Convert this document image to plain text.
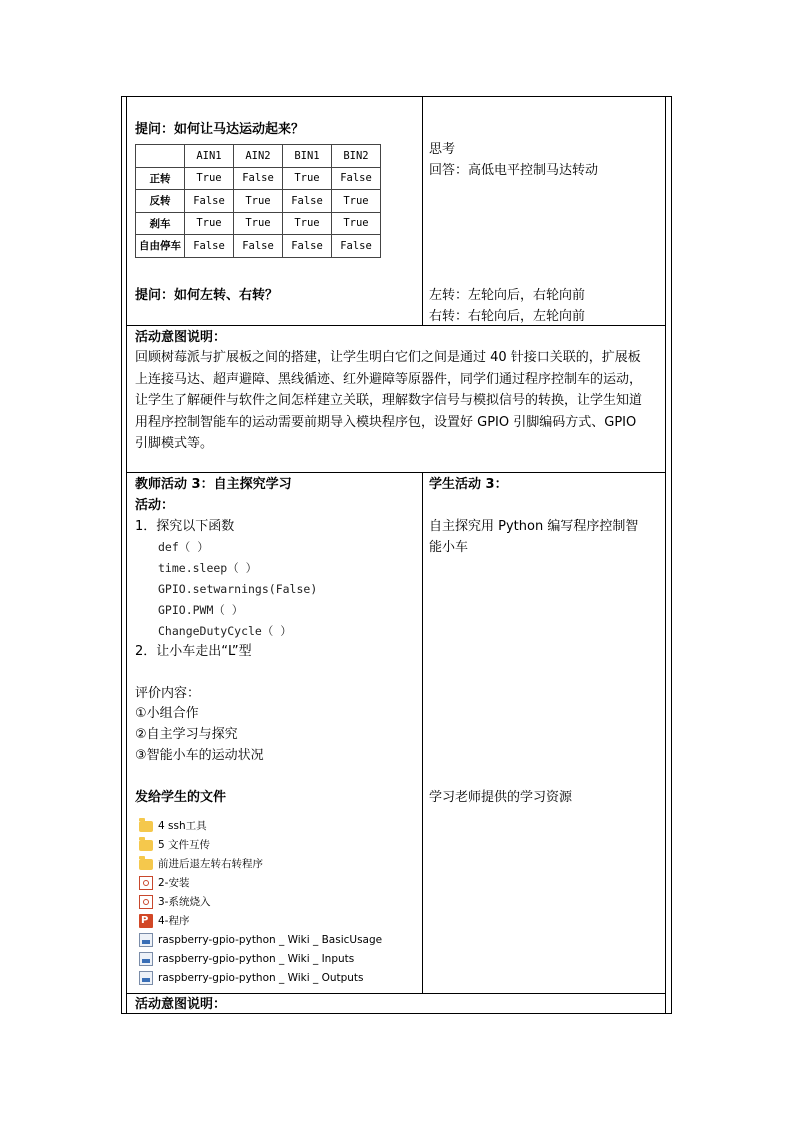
提问：如何让马达运动起来？
	AIN1	AIN2	BIN1	BIN2
正转	True	False	True	False
反转	False	True	False	True
刹车	True	True	True	True
自由停车	False	False	False	False
提问：如何左转、右转？
思考
回答：高低电平控制马达转动
左转：左轮向后，右轮向前
右转：右轮向后，左轮向前
活动意图说明：
回顾树莓派与扩展板之间的搭建，让学生明白它们之间是通过 40 针接口关联的，扩展板上连接马达、超声避障、黑线循迹、红外避障等原器件，同学们通过程序控制车的运动，让学生了解硬件与软件之间怎样建立关联，理解数字信号与模拟信号的转换，让学生知道用程序控制智能车的运动需要前期导入模块程序包，设置好 GPIO 引脚编码方式、GPIO 引脚模式等。
教师活动 3：自主探究学习
活动：
1．探究以下函数
def（ ）
time.sleep（ ）
GPIO.setwarnings(False)
GPIO.PWM（ ）
ChangeDutyCycle（ ）
2．让小车走出“L”型
评价内容：
①小组合作
②自主学习与探究
③智能小车的运动状况
发给学生的文件
4 ssh工具
5 文件互传
前进后退左转右转程序
2-安装
3-系统烧入
P
4-程序
raspberry-gpio-python _ Wiki _ BasicUsage
raspberry-gpio-python _ Wiki _ Inputs
raspberry-gpio-python _ Wiki _ Outputs
学生活动 3：
自主探究用 Python 编写程序控制智
能小车
学习老师提供的学习资源
活动意图说明：
